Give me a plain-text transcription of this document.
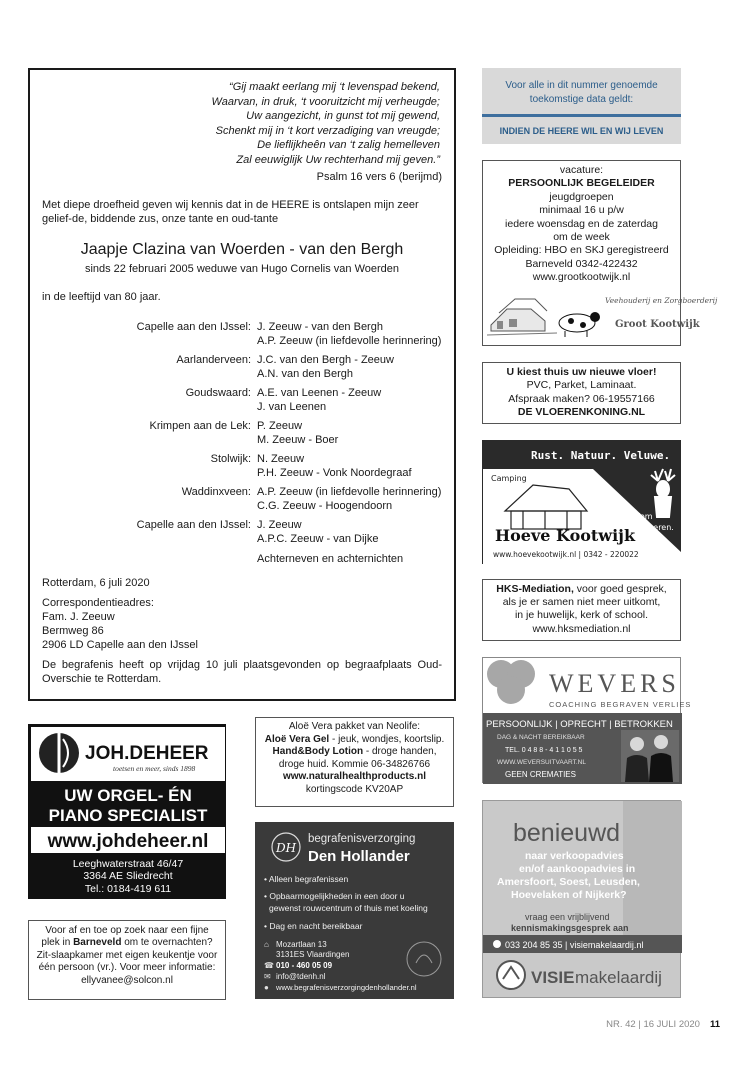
“Gij maakt eerlang mij ‘t levenspad bekend,
Waarvan, in druk, ‘t vooruitzicht mij verheugde;
Uw aangezicht, in gunst tot mij gewend,
Schenkt mij in ‘t kort verzadiging van vreugde;
De lieflijkheên van ‘t zalig hemelleven
Zal eeuwiglijk Uw rechterhand mij geven.”
Psalm 16 vers 6 (berijmd)
Met diepe droefheid geven wij kennis dat in de HEERE is ontslapen mijn zeer gelief-de, biddende zus, onze tante en oud-tante
Jaapje Clazina van Woerden - van den Bergh
sinds 22 februari 2005 weduwe van Hugo Cornelis van Woerden
in de leeftijd van 80 jaar.
Capelle aan den IJssel: J. Zeeuw - van den Bergh
A.P. Zeeuw (in liefdevolle herinnering)
Aarlanderveen: J.C. van den Bergh - Zeeuw
A.N. van den Bergh
Goudswaard: A.E. van Leenen - Zeeuw
J. van Leenen
Krimpen aan de Lek: P. Zeeuw
M. Zeeuw - Boer
Stolwijk: N. Zeeuw
P.H. Zeeuw - Vonk Noordegraaf
Waddinxveen: A.P. Zeeuw (in liefdevolle herinnering)
C.G. Zeeuw - Hoogendoorn
Capelle aan den IJssel: J. Zeeuw
A.P.C. Zeeuw - van Dijke
Achterneven en achternichten

Rotterdam, 6 juli 2020

Correspondentieadres:
Fam. J. Zeeuw
Bermweg 86
2906 LD Capelle aan den IJssel

De begrafenis heeft op vrijdag 10 juli plaatsgevonden op begraafplaats Oud-Overschie te Rotterdam.

Voor alle in dit nummer genoemde
toekomstige data geldt:
INDIEN DE HEERE WIL EN WIJ LEVEN
vacature:
PERSOONLIJK BEGELEIDER
jeugdgroepen
minimaal 16 u p/w
iedere woensdag en de zaterdag
om de week
Opleiding: HBO en SKJ geregistreerd
Barneveld 0342-422432
www.grootkootwijk.nl
Veehouderij en Zorgboerderij
Groot Kootwijk
U kiest thuis uw nieuwe vloer!
PVC, Parket, Laminaat.
Afspraak maken? 06-19557166
DE VLOERENKONING.NL
Rust. Natuur. Veluwe.
Camping
Hoeve Kootwijk
Kom
kamperen.
www.hoevekootwijk.nl | 0342 - 220022
HKS-Mediation, voor goed gesprek,
als je er samen niet meer uitkomt,
in je huwelijk, kerk of school.
www.hksmediation.nl
WEVERS
COACHING BEGRAVEN VERLIES
PERSOONLIJK | OPRECHT | BETROKKEN
DAG & NACHT BEREIKBAAR
TEL. 0 4 8 8 - 4 1 1 0 5 5
WWW.WEVERSUITVAART.NL
GEEN CREMATIES
benieuwd
naar verkoopadvies
en/of aankoopadvies in
Amersfoort, Soest, Leusden,
Hoevelaken of Nijkerk?
vraag een vrijblijvend
kennismakingsgesprek aan
033 204 85 35 | visiemakelaardij.nl
VISIE makelaardij
JOH.DEHEER
toetsen en meer, sinds 1898
UW ORGEL- ÉN
PIANO SPECIALIST
www.johdeheer.nl
Leeghwaterstraat 46/47
3364 AE Sliedrecht
Tel.: 0184-419 611
Voor af en toe op zoek naar een fijne
plek in Barneveld om te overnachten?
Zit-slaapkamer met eigen keukentje voor
één persoon (vr.). Voor meer informatie:
ellyvanee@solcon.nl
Aloë Vera pakket van Neolife:
Aloë Vera Gel - jeuk, wondjes, koortslip.
Hand&Body Lotion - droge handen,
droge huid. Kommie 06-34826766
www.naturalhealthproducts.nl
kortingscode KV20AP
DH
begrafenisverzorging
Den Hollander
• Alleen begrafenissen
• Opbaarmogelijkheden in een door u
gewenst rouwcentrum of thuis met koeling
• Dag en nacht bereikbaar
⌂ Mozartlaan 13
3131ES Vlaardingen
☎ 010 - 460 05 09
✉ info@tdenh.nl
● www.begrafenisverzorgingdenhollander.nl
NR. 42 | 16 JULI 2020 11
